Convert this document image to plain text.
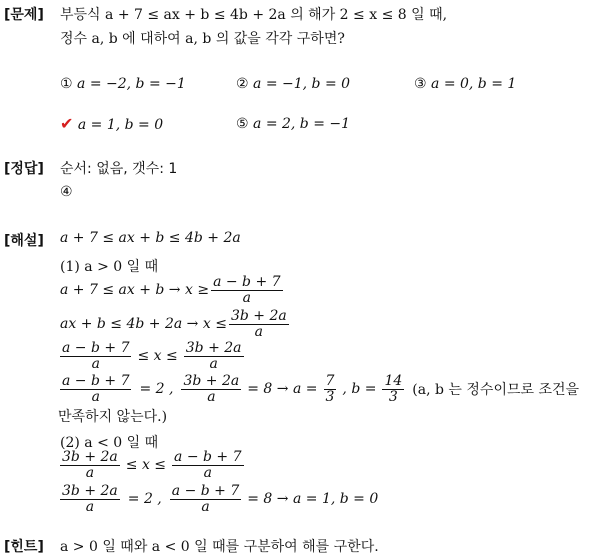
[문제] 부등식 a + 7 ≤ ax + b ≤ 4b + 2a 의 해가 2 ≤ x ≤ 8 일 때,
정수 a, b 에 대하여 a, b 의 값을 각각 구하면?
① a = −2, b = −1	② a = −1, b = 0	③ a = 0, b = 1
✔ a = 1, b = 0	⑤ a = 2, b = −1
[정답] 순서: 없음, 갯수: 1
④
[해설] a + 7 ≤ ax + b ≤ 4b + 2a
(1) a > 0 일 때
a + 7 ≤ ax + $b \to x \ge \frac{a - b + 7}{a}$
ax + $b \le 4b + 2a \to x \le \frac{3b + 2a}{a}$
$\frac{a - b + 7}{a} \le x \le \frac{3b + 2a}{a}$
$\frac{a - b + 7}{a} = 2$ , $\frac{3b + 2a}{a} = 8 \to a = \frac{7}{3}$ , $b = \frac{14}{3} (a$, b 는 정수이므로 조건을
만족하지 않는다.)
(2) a < 0 일 때
$\frac{3b + 2a}{a} \le x \le \frac{a - b + 7}{a}$
$\frac{3b + 2a}{a} = 2$ , $\frac{a - b + 7}{a} = 8 \to a = 1$, b = 0
[힌트] a > 0 일 때와 a < 0 일 때를 구분하여 해를 구한다.
